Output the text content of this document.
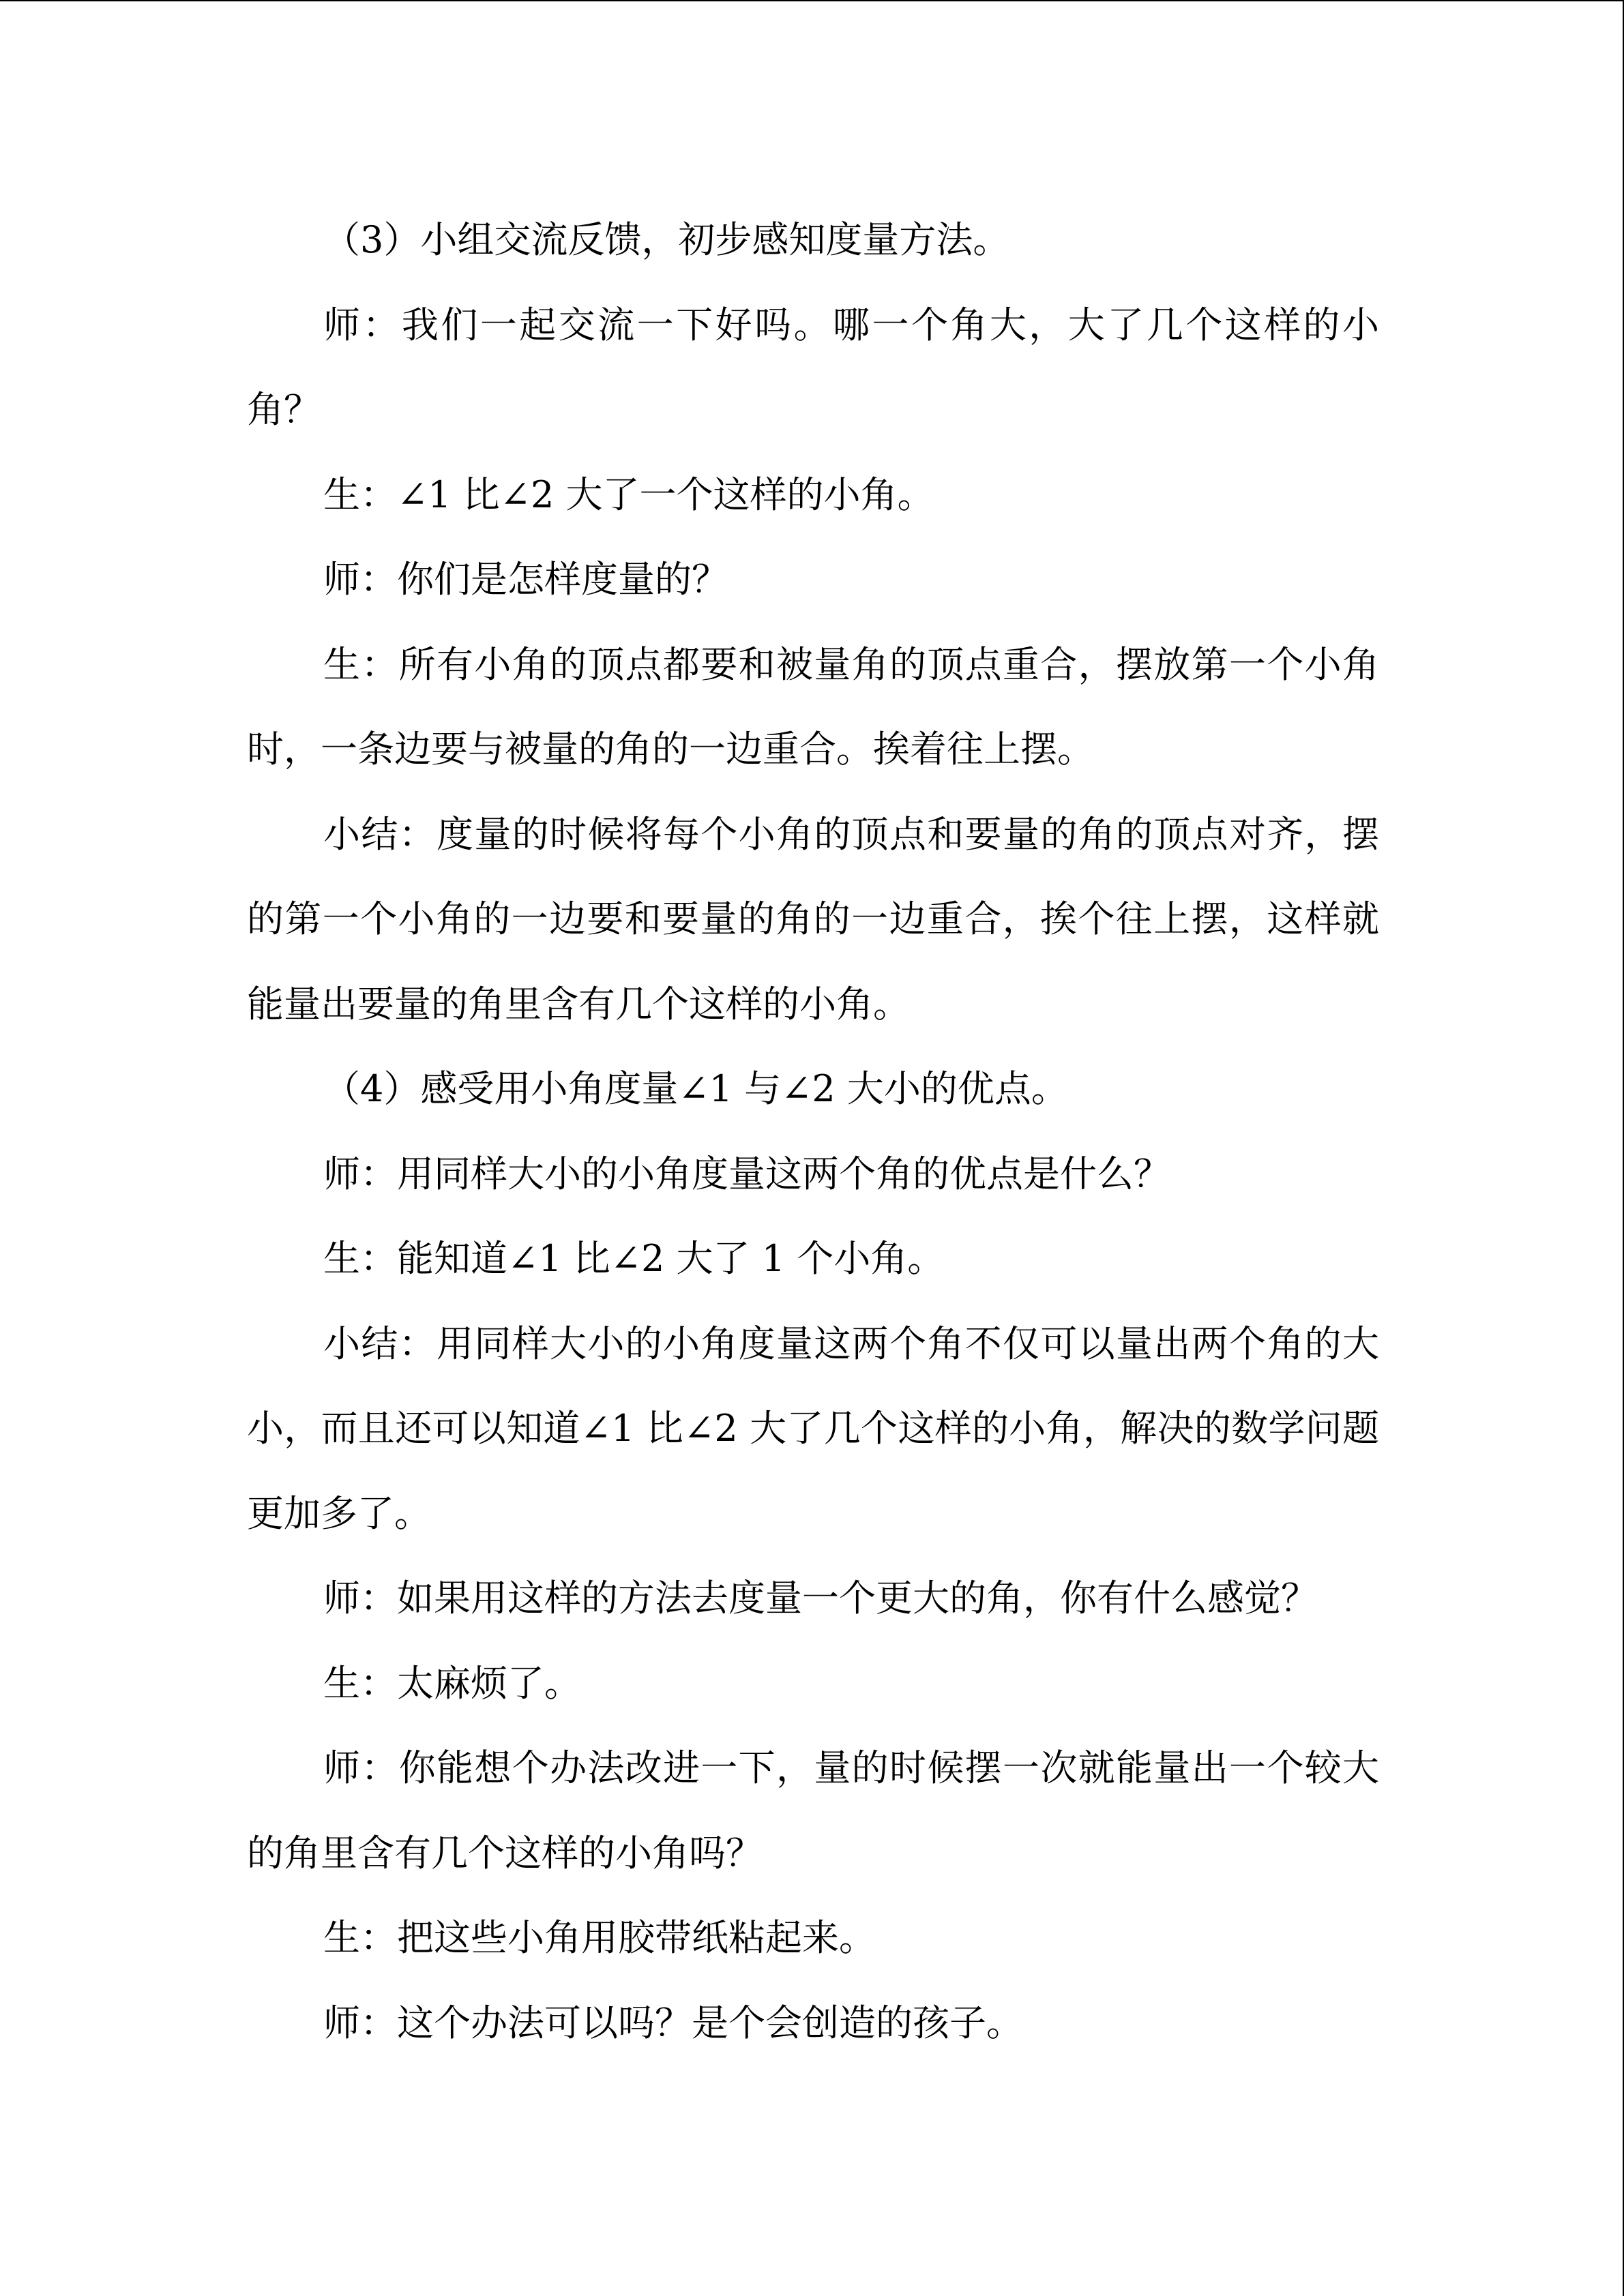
（3）小组交流反馈，初步感知度量方法。

师：我们一起交流一下好吗。哪一个角大，大了几个这样的小角？

生：∠1 比∠2 大了一个这样的小角。

师：你们是怎样度量的？

生：所有小角的顶点都要和被量角的顶点重合，摆放第一个小角时，一条边要与被量的角的一边重合。挨着往上摆。

小结：度量的时候将每个小角的顶点和要量的角的顶点对齐，摆的第一个小角的一边要和要量的角的一边重合，挨个往上摆，这样就能量出要量的角里含有几个这样的小角。

（4）感受用小角度量∠1 与∠2 大小的优点。

师：用同样大小的小角度量这两个角的优点是什么？

生：能知道∠1 比∠2 大了 1 个小角。

小结：用同样大小的小角度量这两个角不仅可以量出两个角的大小，而且还可以知道∠1 比∠2 大了几个这样的小角，解决的数学问题更加多了。

师：如果用这样的方法去度量一个更大的角，你有什么感觉？

生：太麻烦了。

师：你能想个办法改进一下，量的时候摆一次就能量出一个较大的角里含有几个这样的小角吗？

生：把这些小角用胶带纸粘起来。

师：这个办法可以吗？是个会创造的孩子。
